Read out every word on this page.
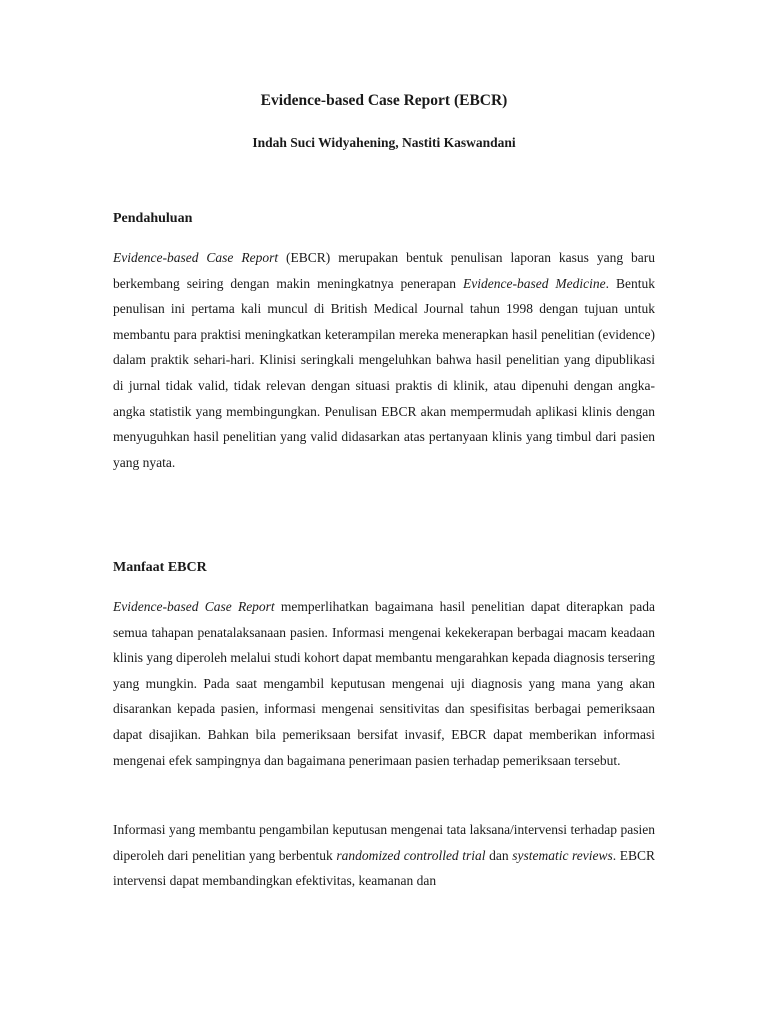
Evidence-based Case Report (EBCR)
Indah Suci Widyahening, Nastiti Kaswandani
Pendahuluan

Evidence-based Case Report (EBCR) merupakan bentuk penulisan laporan kasus yang baru berkembang seiring dengan makin meningkatnya penerapan Evidence-based Medicine. Bentuk penulisan ini pertama kali muncul di British Medical Journal tahun 1998 dengan tujuan untuk membantu para praktisi meningkatkan keterampilan mereka menerapkan hasil penelitian (evidence) dalam praktik sehari-hari. Klinisi seringkali mengeluhkan bahwa hasil penelitian yang dipublikasi di jurnal tidak valid, tidak relevan dengan situasi praktis di klinik, atau dipenuhi dengan angka-angka statistik yang membingungkan. Penulisan EBCR akan mempermudah aplikasi klinis dengan menyuguhkan hasil penelitian yang valid didasarkan atas pertanyaan klinis yang timbul dari pasien yang nyata.

Manfaat EBCR

Evidence-based Case Report memperlihatkan bagaimana hasil penelitian dapat diterapkan pada semua tahapan penatalaksanaan pasien. Informasi mengenai kekekerapan berbagai macam keadaan klinis yang diperoleh melalui studi kohort dapat membantu mengarahkan kepada diagnosis tersering yang mungkin. Pada saat mengambil keputusan mengenai uji diagnosis yang mana yang akan disarankan kepada pasien, informasi mengenai sensitivitas dan spesifisitas berbagai pemeriksaan dapat disajikan. Bahkan bila pemeriksaan bersifat invasif, EBCR dapat memberikan informasi mengenai efek sampingnya dan bagaimana penerimaan pasien terhadap pemeriksaan tersebut.

Informasi yang membantu pengambilan keputusan mengenai tata laksana/intervensi terhadap pasien diperoleh dari penelitian yang berbentuk randomized controlled trial dan systematic reviews. EBCR intervensi dapat membandingkan efektivitas, keamanan dan
